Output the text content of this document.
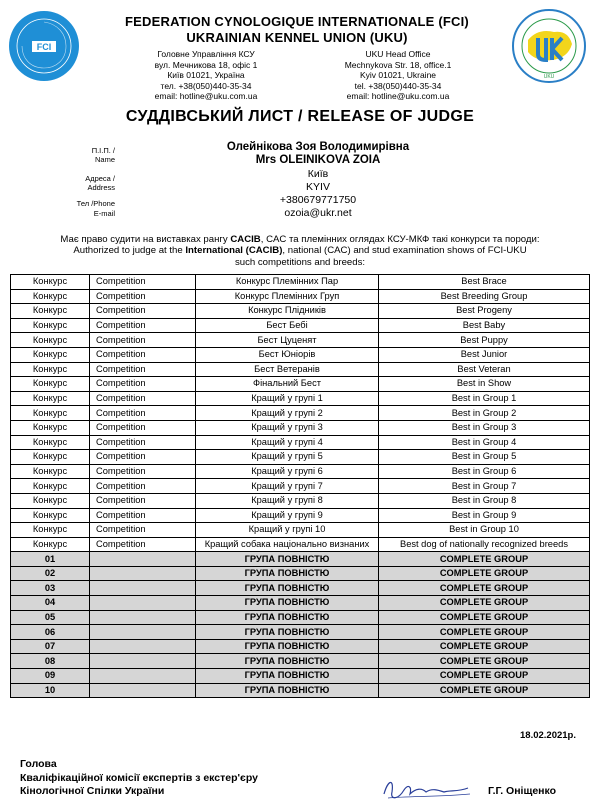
FCI
UKU
FEDERATION CYNOLOGIQUE INTERNATIONALE (FCI)
UKRAINIAN KENNEL UNION (UKU)
Головне Управління КСУ
вул. Мечникова 18, офіс 1
Київ 01021, Україна
тел. +38(050)440-35-34
email: hotline@uku.com.ua
UKU Head Office
Mechnykova Str. 18, office.1
Kyiv 01021, Ukraine
tel. +38(050)440-35-34
email: hotline@uku.com.ua
СУДДІВСЬКИЙ ЛИСТ / RELEASE OF JUDGE
П.І.П. /
Name
Олейнікова Зоя Володимирівна
Mrs OLEINIKOVA ZOIA
Адреса /
Address
Київ
KYIV
Тел /Phone	+380679771750
E-mail	ozoia@ukr.net
Має право судити на виставках рангу CACIB, CAC та племінних оглядах КСУ-МКФ такі конкурси та породи:
Authorized to judge at the International (CACIB), national (CAC) and stud examination shows of FCI-UKU
such competitions and breeds:
Конкурс	Competition	Конкурс Племінних Пар	Best Brace
Конкурс	Competition	Конкурс Племінних Груп	Best Breeding Group
Конкурс	Competition	Конкурс Плідників	Best Progeny
Конкурс	Competition	Бест Бебі	Best Baby
Конкурс	Competition	Бест Цуценят	Best Puppy
Конкурс	Competition	Бест Юніорів	Best Junior
Конкурс	Competition	Бест Ветеранів	Best Veteran
Конкурс	Competition	Фінальний Бест	Best in Show
Конкурс	Competition	Кращий у групі 1	Best in Group 1
Конкурс	Competition	Кращий у групі 2	Best in Group 2
Конкурс	Competition	Кращий у групі 3	Best in Group 3
Конкурс	Competition	Кращий у групі 4	Best in Group 4
Конкурс	Competition	Кращий у групі 5	Best in Group 5
Конкурс	Competition	Кращий у групі 6	Best in Group 6
Конкурс	Competition	Кращий у групі 7	Best in Group 7
Конкурс	Competition	Кращий у групі 8	Best in Group 8
Конкурс	Competition	Кращий у групі 9	Best in Group 9
Конкурс	Competition	Кращий у групі 10	Best in Group 10
Конкурс	Competition	Кращий собака національно визнаних	Best dog of nationally recognized breeds
01		ГРУПА ПОВНІСТЮ	COMPLETE GROUP
02		ГРУПА ПОВНІСТЮ	COMPLETE GROUP
03		ГРУПА ПОВНІСТЮ	COMPLETE GROUP
04		ГРУПА ПОВНІСТЮ	COMPLETE GROUP
05		ГРУПА ПОВНІСТЮ	COMPLETE GROUP
06		ГРУПА ПОВНІСТЮ	COMPLETE GROUP
07		ГРУПА ПОВНІСТЮ	COMPLETE GROUP
08		ГРУПА ПОВНІСТЮ	COMPLETE GROUP
09		ГРУПА ПОВНІСТЮ	COMPLETE GROUP
10		ГРУПА ПОВНІСТЮ	COMPLETE GROUP
18.02.2021р.
Голова
Кваліфікаційної комісії експертів з екстер'єру
Кінологічної Спілки України	Г.Г. Оніщенко
